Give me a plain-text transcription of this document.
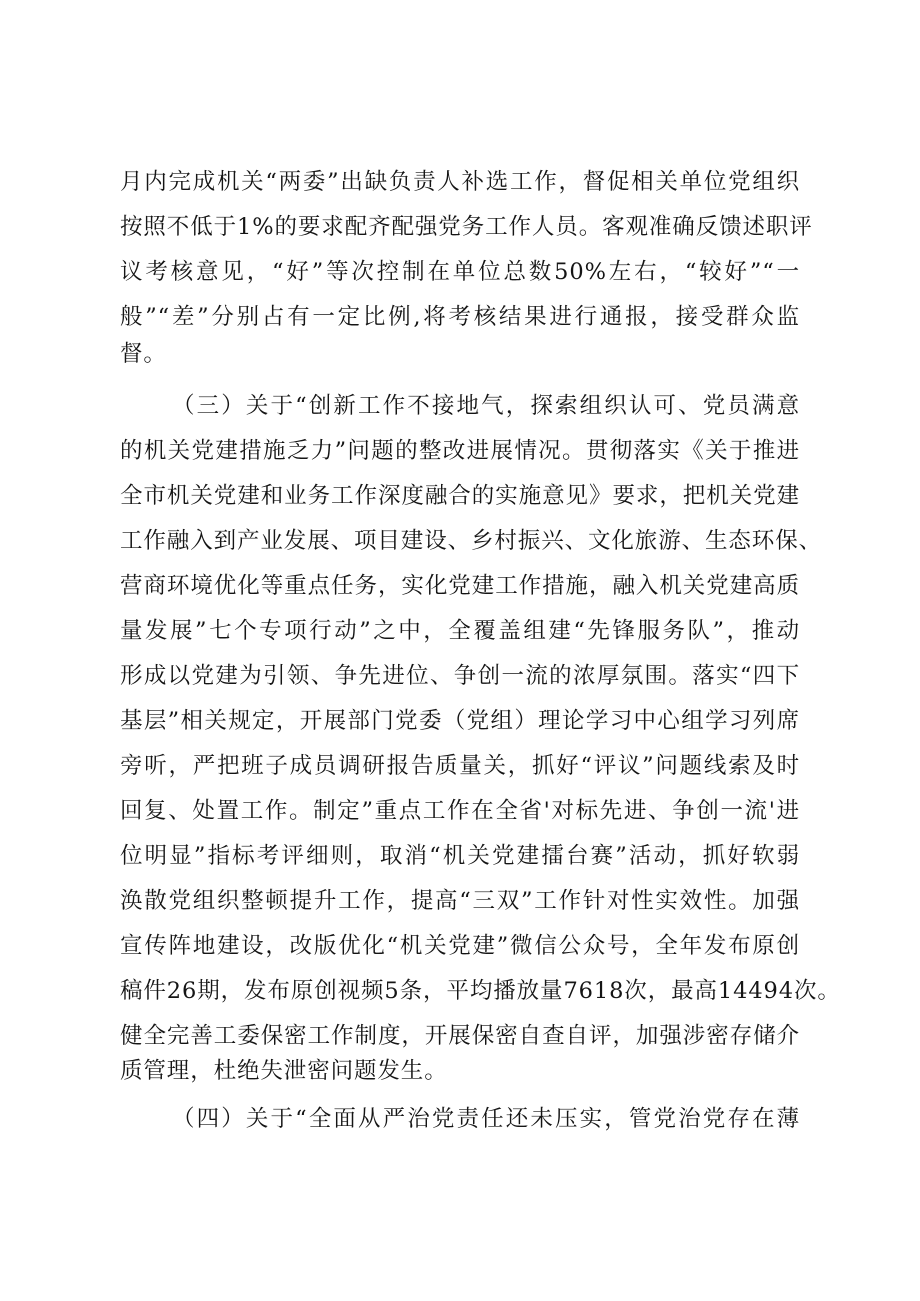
月内完成机关“两委”出缺负责人补选工作，督促相关单位党组织
按照不低于1%的要求配齐配强党务工作人员。客观准确反馈述职评
议考核意见，“好”等次控制在单位总数50%左右，“较好”“一
般”“差”分别占有一定比例,将考核结果进行通报，接受群众监
督。
（三）关于“创新工作不接地气，探索组织认可、党员满意
的机关党建措施乏力”问题的整改进展情况。贯彻落实《关于推进
全市机关党建和业务工作深度融合的实施意见》要求，把机关党建
工作融入到产业发展、项目建设、乡村振兴、文化旅游、生态环保、
营商环境优化等重点任务，实化党建工作措施，融入机关党建高质
量发展”七个专项行动”之中，全覆盖组建“先锋服务队”，推动
形成以党建为引领、争先进位、争创一流的浓厚氛围。落实“四下
基层”相关规定，开展部门党委（党组）理论学习中心组学习列席
旁听，严把班子成员调研报告质量关，抓好“评议”问题线索及时
回复、处置工作。制定”重点工作在全省'对标先进、争创一流'进
位明显”指标考评细则，取消“机关党建擂台赛”活动，抓好软弱
涣散党组织整顿提升工作，提高“三双”工作针对性实效性。加强
宣传阵地建设，改版优化“机关党建”微信公众号，全年发布原创
稿件26期，发布原创视频5条，平均播放量7618次，最高14494次。
健全完善工委保密工作制度，开展保密自查自评，加强涉密存储介
质管理，杜绝失泄密问题发生。
（四）关于“全面从严治党责任还未压实，管党治党存在薄
